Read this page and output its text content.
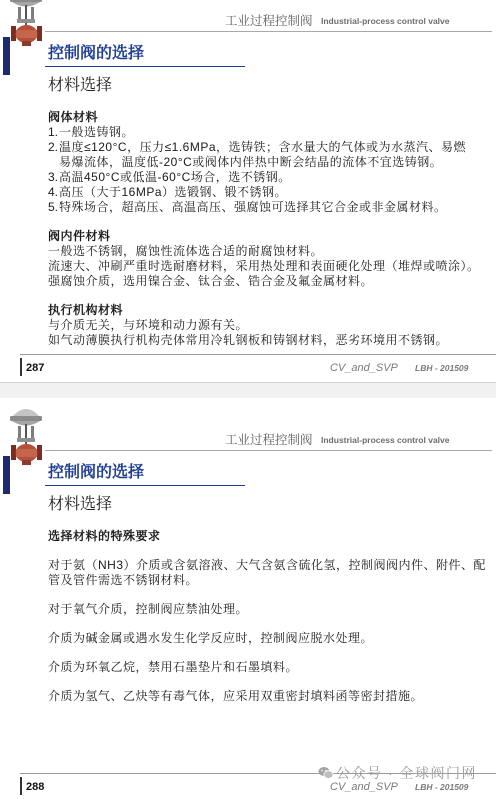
工业过程控制阀 Industrial-process control valve
控制阀的选择
材料选择
阀体材料
1. 一般选铸钢。
2. 温度≤120°C，压力≤1.6MPa，选铸铁；含水量大的气体或为水蒸汽、易燃
易爆流体，温度低-20°C或阀体内伴热中断会结晶的流体不宜选铸钢。
3. 高温450°C或低温-60°C场合，选不锈钢。
4. 高压（大于16MPa）选锻钢、锻不锈钢。
5. 特殊场合，超高压、高温高压、强腐蚀可选择其它合金或非金属材料。
阀内件材料
一般选不锈钢，腐蚀性流体选合适的耐腐蚀材料。
流速大、冲刷严重时选耐磨材料，采用热处理和表面硬化处理（堆焊或喷涂）。
强腐蚀介质，选用镍合金、钛合金、锆合金及氟金属材料。
执行机构材料
与介质无关，与环境和动力源有关。
如气动薄膜执行机构壳体常用冷轧钢板和铸钢材料，恶劣环境用不锈钢。
287	CV_and_SVP LBH - 201509
工业过程控制阀 Industrial-process control valve
控制阀的选择
材料选择
选择材料的特殊要求
对于氨（NH3）介质或含氨溶液、大气含氨含硫化氢，控制阀阀内件、附件、配
管及管件需选不锈钢材料。
对于氧气介质，控制阀应禁油处理。
介质为碱金属或遇水发生化学反应时，控制阀应脱水处理。
介质为环氧乙烷，禁用石墨垫片和石墨填料。
介质为氢气、乙炔等有毒气体，应采用双重密封填料函等密封措施。
288	CV_and_SVP LBH - 201509
公众号 · 全球阀门网
